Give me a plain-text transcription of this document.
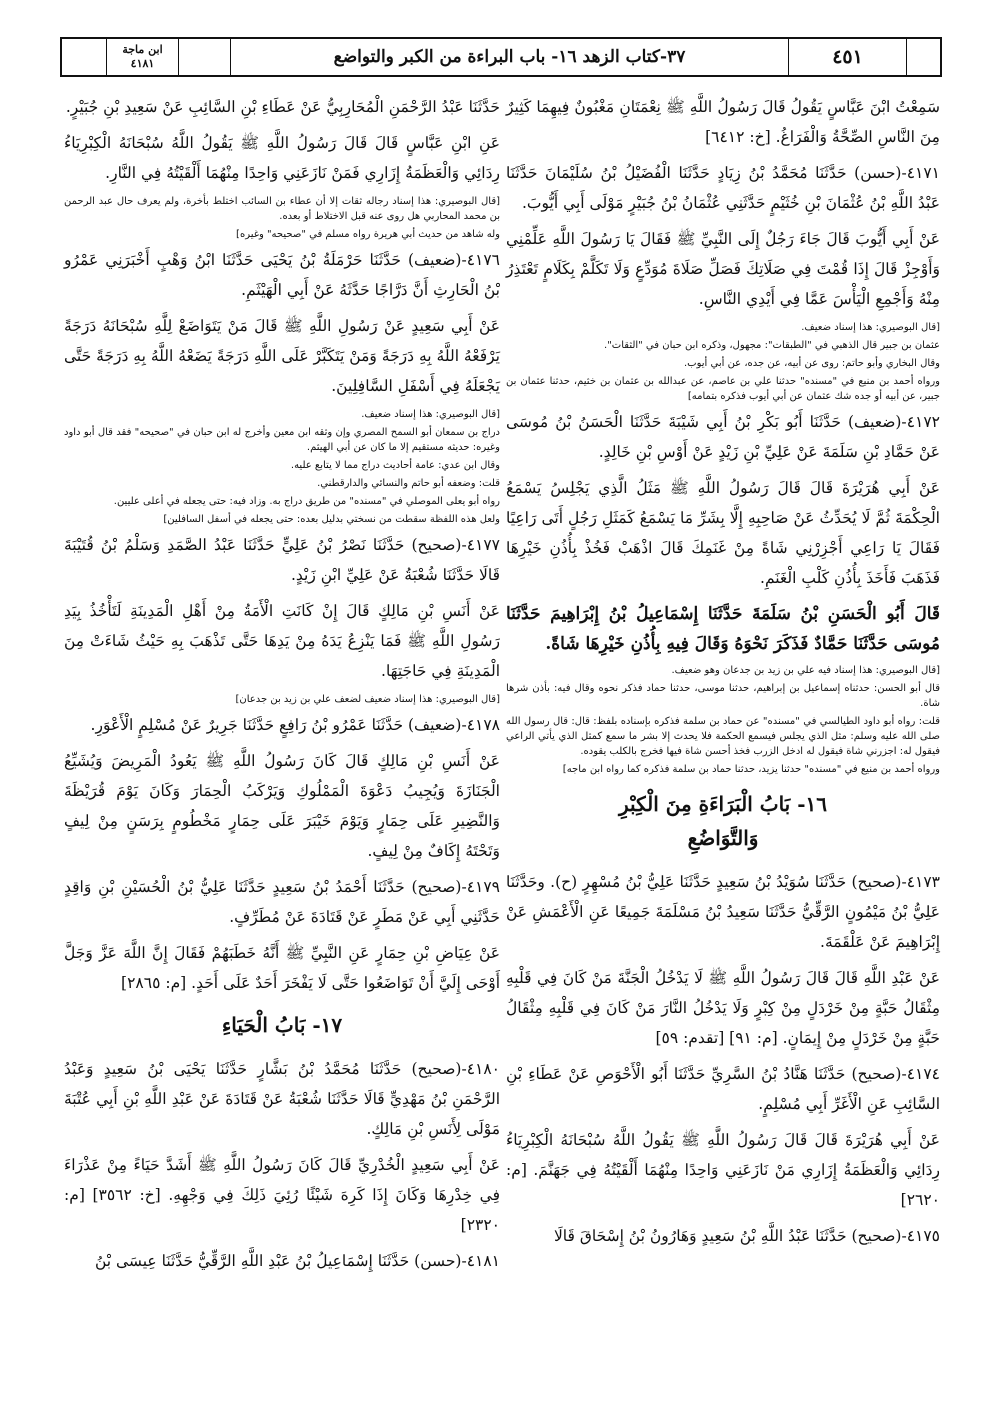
ابن ماجة
٤١٨١	٣٧-كتاب الزهد ١٦- باب البراءة من الكبر والتواضع	٤٥١

سَمِعْتُ ابْنَ عَبَّاسٍ يَقُولُ قَالَ رَسُولُ اللَّهِ ﷺ نِعْمَتَانِ مَغْبُونٌ فِيهِمَا كَثِيرٌ مِنَ النَّاسِ الصِّحَّةُ وَالْفَرَاغُ. [خ: ٦٤١٢]

٤١٧١-(حسن) حَدَّثَنَا مُحَمَّدُ بْنُ زِيَادٍ حَدَّثَنَا الْفُضَيْلُ بْنُ سُلَيْمَانَ حَدَّثَنَا عَبْدُ اللَّهِ بْنُ عُثْمَانَ بْنِ خُثَيْمٍ حَدَّثَنِي عُثْمَانُ بْنُ جُبَيْرٍ مَوْلَى أَبِي أَيُّوبَ.

عَنْ أَبِي أَيُّوبَ قَالَ جَاءَ رَجُلٌ إِلَى النَّبِيِّ ﷺ فَقَالَ يَا رَسُولَ اللَّهِ عَلِّمْنِي وَأَوْجِزْ قَالَ إِذَا قُمْتَ فِي صَلَاتِكَ فَصَلِّ صَلَاةَ مُوَدِّعٍ وَلَا تَكَلَّمْ بِكَلَامٍ تَعْتَذِرُ مِنْهُ وَأَجْمِعِ الْيَأْسَ عَمَّا فِي أَيْدِي النَّاسِ.

[قال البوصيري: هذا إسناد ضعيف.

عثمان بن جبير قال الذهبي في "الطبقات": مجهول، وذكره ابن حبان في "الثقات".

وقال البخاري وأبو حاتم: روى عن أبيه، عن جده، عن أبي أيوب.

ورواه أحمد بن منيع في "مسنده" حدثنا علي بن عاصم، عن عبدالله بن عثمان بن خثيم، حدثنا عثمان بن جبير، عن أبيه أو جده شك عثمان عن أبي أيوب فذكره بتمامه]

٤١٧٢-(ضعيف) حَدَّثَنَا أَبُو بَكْرِ بْنُ أَبِي شَيْبَةَ حَدَّثَنَا الْحَسَنُ بْنُ مُوسَى عَنْ حَمَّادِ بْنِ سَلَمَةَ عَنْ عَلِيِّ بْنِ زَيْدٍ عَنْ أَوْسِ بْنِ خَالِدٍ.

عَنْ أَبِي هُرَيْرَةَ قَالَ قَالَ رَسُولُ اللَّهِ ﷺ مَثَلُ الَّذِي يَجْلِسُ يَسْمَعُ الْحِكْمَةَ ثُمَّ لَا يُحَدِّثُ عَنْ صَاحِبِهِ إِلَّا بِشَرِّ مَا يَسْمَعُ كَمَثَلِ رَجُلٍ أَتَى رَاعِيًا فَقَالَ يَا رَاعِي أَجْزِرْنِي شَاةً مِنْ غَنَمِكَ قَالَ اذْهَبْ فَخُذْ بِأُذُنِ خَيْرِهَا فَذَهَبَ فَأَخَذَ بِأُذُنِ كَلْبِ الْغَنَمِ.

قَالَ أَبُو الْحَسَنِ بْنُ سَلَمَةَ حَدَّثَنَا إِسْمَاعِيلُ بْنُ إِبْرَاهِيمَ حَدَّثَنَا مُوسَى حَدَّثَنَا حَمَّادٌ فَذَكَرَ نَحْوَهُ وَقَالَ فِيهِ بِأُذُنِ خَيْرِهَا شَاةً.

[قال البوصيري: هذا إسناد فيه علي بن زيد بن جدعان وهو ضعيف.

قال أبو الحسن: حدثناه إسماعيل بن إبراهيم، حدثنا موسى، حدثنا حماد فذكر نحوه وقال فيه: بأذن شرها شاة.

قلت: رواه أبو داود الطيالسي في "مسنده" عن حماد بن سلمة فذكره بإسناده بلفظ: قال: قال رسول الله صلى الله عليه وسلم: مثل الذي يجلس فيسمع الحكمة فلا يحدث إلا بشر ما سمع كمثل الذي يأتي الراعي فيقول له: اجزرني شاة فيقول له ادخل الزرب فخذ أحسن شاة فيها فخرج بالكلب يقوده.

ورواه أحمد بن منيع في "مسنده" حدثنا يزيد، حدثنا حماد بن سلمة فذكره كما رواه ابن ماجه]

١٦- بَابُ الْبَرَاءَةِ مِنَ الْكِبْرِ
وَالتَّوَاضُعِ

٤١٧٣-(صحيح) حَدَّثَنَا سُوَيْدُ بْنُ سَعِيدٍ حَدَّثَنَا عَلِيُّ بْنُ مُسْهِرٍ (ح). وحَدَّثَنَا عَلِيُّ بْنُ مَيْمُونٍ الرَّقِّيُّ حَدَّثَنَا سَعِيدُ بْنُ مَسْلَمَةَ جَمِيعًا عَنِ الْأَعْمَشِ عَنْ إِبْرَاهِيمَ عَنْ عَلْقَمَةَ.

عَنْ عَبْدِ اللَّهِ قَالَ قَالَ رَسُولُ اللَّهِ ﷺ لَا يَدْخُلُ الْجَنَّةَ مَنْ كَانَ فِي قَلْبِهِ مِثْقَالُ حَبَّةٍ مِنْ خَرْدَلٍ مِنْ كِبْرٍ وَلَا يَدْخُلُ النَّارَ مَنْ كَانَ فِي قَلْبِهِ مِثْقَالُ حَبَّةٍ مِنْ خَرْدَلٍ مِنْ إِيمَانٍ. [م: ٩١] [تقدم: ٥٩]

٤١٧٤-(صحيح) حَدَّثَنَا هَنَّادُ بْنُ السَّرِيِّ حَدَّثَنَا أَبُو الْأَحْوَصِ عَنْ عَطَاءِ بْنِ السَّائِبِ عَنِ الْأَغَرِّ أَبِي مُسْلِمٍ.

عَنْ أَبِي هُرَيْرَةَ قَالَ قَالَ رَسُولُ اللَّهِ ﷺ يَقُولُ اللَّهُ سُبْحَانَهُ الْكِبْرِيَاءُ رِدَائِي وَالْعَظَمَةُ إِزَارِي مَنْ نَازَعَنِي وَاحِدًا مِنْهُمَا أَلْقَيْتُهُ فِي جَهَنَّمَ. [م: ٢٦٢٠]

٤١٧٥-(صحيح) حَدَّثَنَا عَبْدُ اللَّهِ بْنُ سَعِيدٍ وَهَارُونُ بْنُ إِسْحَاقَ قَالَا

حَدَّثَنَا عَبْدُ الرَّحْمَنِ الْمُحَارِبِيُّ عَنْ عَطَاءِ بْنِ السَّائِبِ عَنْ سَعِيدِ بْنِ جُبَيْرٍ.

عَنِ ابْنِ عَبَّاسٍ قَالَ قَالَ رَسُولُ اللَّهِ ﷺ يَقُولُ اللَّهُ سُبْحَانَهُ الْكِبْرِيَاءُ رِدَائِي وَالْعَظَمَةُ إِزَارِي فَمَنْ نَازَعَنِي وَاحِدًا مِنْهُمَا أَلْقَيْتُهُ فِي النَّارِ.

[قال البوصيري: هذا إسناد رجاله ثقات إلا أن عطاء بن السائب اختلط بأخرة، ولم يعرف حال عبد الرحمن بن محمد المحاربي هل روى عنه قبل الاختلاط أو بعده.

وله شاهد من حديث أبي هريرة رواه مسلم في "صحيحه" وغيره]

٤١٧٦-(ضعيف) حَدَّثَنَا حَرْمَلَةُ بْنُ يَحْيَى حَدَّثَنَا ابْنُ وَهْبٍ أَخْبَرَنِي عَمْرُو بْنُ الْحَارِثِ أَنَّ دَرَّاجًا حَدَّثَهُ عَنْ أَبِي الْهَيْثَمِ.

عَنْ أَبِي سَعِيدٍ عَنْ رَسُولِ اللَّهِ ﷺ قَالَ مَنْ يَتَوَاضَعْ لِلَّهِ سُبْحَانَهُ دَرَجَةً يَرْفَعْهُ اللَّهُ بِهِ دَرَجَةً وَمَنْ يَتَكَبَّرْ عَلَى اللَّهِ دَرَجَةً يَضَعْهُ اللَّهُ بِهِ دَرَجَةً حَتَّى يَجْعَلَهُ فِي أَسْفَلِ السَّافِلِينَ.

[قال البوصيري: هذا إسناد ضعيف.

دراج بن سمعان أبو السمح المصري وإن وثقه ابن معين وأخرج له ابن حبان في "صحيحه" فقد قال أبو داود وغيره: حديثه مستقيم إلا ما كان عن أبي الهيثم.

وقال ابن عدي: عامة أحاديث دراج مما لا يتابع عليه.

قلت: وضعفه أبو حاتم والنسائي والدارقطني.

رواه أبو يعلى الموصلي في "مسنده" من طريق دراج به. وزاد فيه: حتى يجعله في أعلى عليين.

ولعل هذه اللفظة سقطت من نسختي بدليل بعده: حتى يجعله في أسفل السافلين]

٤١٧٧-(صحيح) حَدَّثَنَا نَصْرُ بْنُ عَلِيٍّ حَدَّثَنَا عَبْدُ الصَّمَدِ وَسَلْمُ بْنُ قُتَيْبَةَ قَالَا حَدَّثَنَا شُعْبَةُ عَنْ عَلِيِّ ابْنِ زَيْدٍ.

عَنْ أَنَسِ بْنِ مَالِكٍ قَالَ إِنْ كَانَتِ الْأَمَةُ مِنْ أَهْلِ الْمَدِينَةِ لَتَأْخُذُ بِيَدِ رَسُولِ اللَّهِ ﷺ فَمَا يَنْزِعُ يَدَهُ مِنْ يَدِهَا حَتَّى تَذْهَبَ بِهِ حَيْثُ شَاءَتْ مِنَ الْمَدِينَةِ فِي حَاجَتِهَا.

[قال البوصيري: هذا إسناد ضعيف لضعف علي بن زيد بن جدعان]

٤١٧٨-(ضعيف) حَدَّثَنَا عَمْرُو بْنُ رَافِعٍ حَدَّثَنَا جَرِيرٌ عَنْ مُسْلِمٍ الْأَعْوَرِ.

عَنْ أَنَسِ بْنِ مَالِكٍ قَالَ كَانَ رَسُولُ اللَّهِ ﷺ يَعُودُ الْمَرِيضَ وَيُشَيِّعُ الْجَنَازَةَ وَيُجِيبُ دَعْوَةَ الْمَمْلُوكِ وَيَرْكَبُ الْحِمَارَ وَكَانَ يَوْمَ قُرَيْظَةَ وَالنَّضِيرِ عَلَى حِمَارٍ وَيَوْمَ خَيْبَرَ عَلَى حِمَارٍ مَخْطُومٍ بِرَسَنٍ مِنْ لِيفٍ وَتَحْتَهُ إِكَافٌ مِنْ لِيفٍ.

٤١٧٩-(صحيح) حَدَّثَنَا أَحْمَدُ بْنُ سَعِيدٍ حَدَّثَنَا عَلِيُّ بْنُ الْحُسَيْنِ بْنِ وَاقِدٍ حَدَّثَنِي أَبِي عَنْ مَطَرٍ عَنْ قَتَادَةَ عَنْ مُطَرِّفٍ.

عَنْ عِيَاضِ بْنِ حِمَارٍ عَنِ النَّبِيِّ ﷺ أَنَّهُ خَطَبَهُمْ فَقَالَ إِنَّ اللَّهَ عَزَّ وَجَلَّ أَوْحَى إِلَيَّ أَنْ تَوَاضَعُوا حَتَّى لَا يَفْخَرَ أَحَدٌ عَلَى أَحَدٍ. [م: ٢٨٦٥]

١٧- بَابُ الْحَيَاءِ

٤١٨٠-(صحيح) حَدَّثَنَا مُحَمَّدُ بْنُ بَشَّارٍ حَدَّثَنَا يَحْيَى بْنُ سَعِيدٍ وَعَبْدُ الرَّحْمَنِ بْنُ مَهْدِيٍّ قَالَا حَدَّثَنَا شُعْبَةُ عَنْ قَتَادَةَ عَنْ عَبْدِ اللَّهِ بْنِ أَبِي عُتْبَةَ مَوْلَى لِأَنَسِ بْنِ مَالِكٍ.

عَنْ أَبِي سَعِيدٍ الْخُدْرِيِّ قَالَ كَانَ رَسُولُ اللَّهِ ﷺ أَشَدَّ حَيَاءً مِنْ عَذْرَاءَ فِي خِدْرِهَا وَكَانَ إِذَا كَرِهَ شَيْئًا رُئِيَ ذَلِكَ فِي وَجْهِهِ. [خ: ٣٥٦٢] [م: ٢٣٢٠]

٤١٨١-(حسن) حَدَّثَنَا إِسْمَاعِيلُ بْنُ عَبْدِ اللَّهِ الرَّقِّيُّ حَدَّثَنَا عِيسَى بْنُ
